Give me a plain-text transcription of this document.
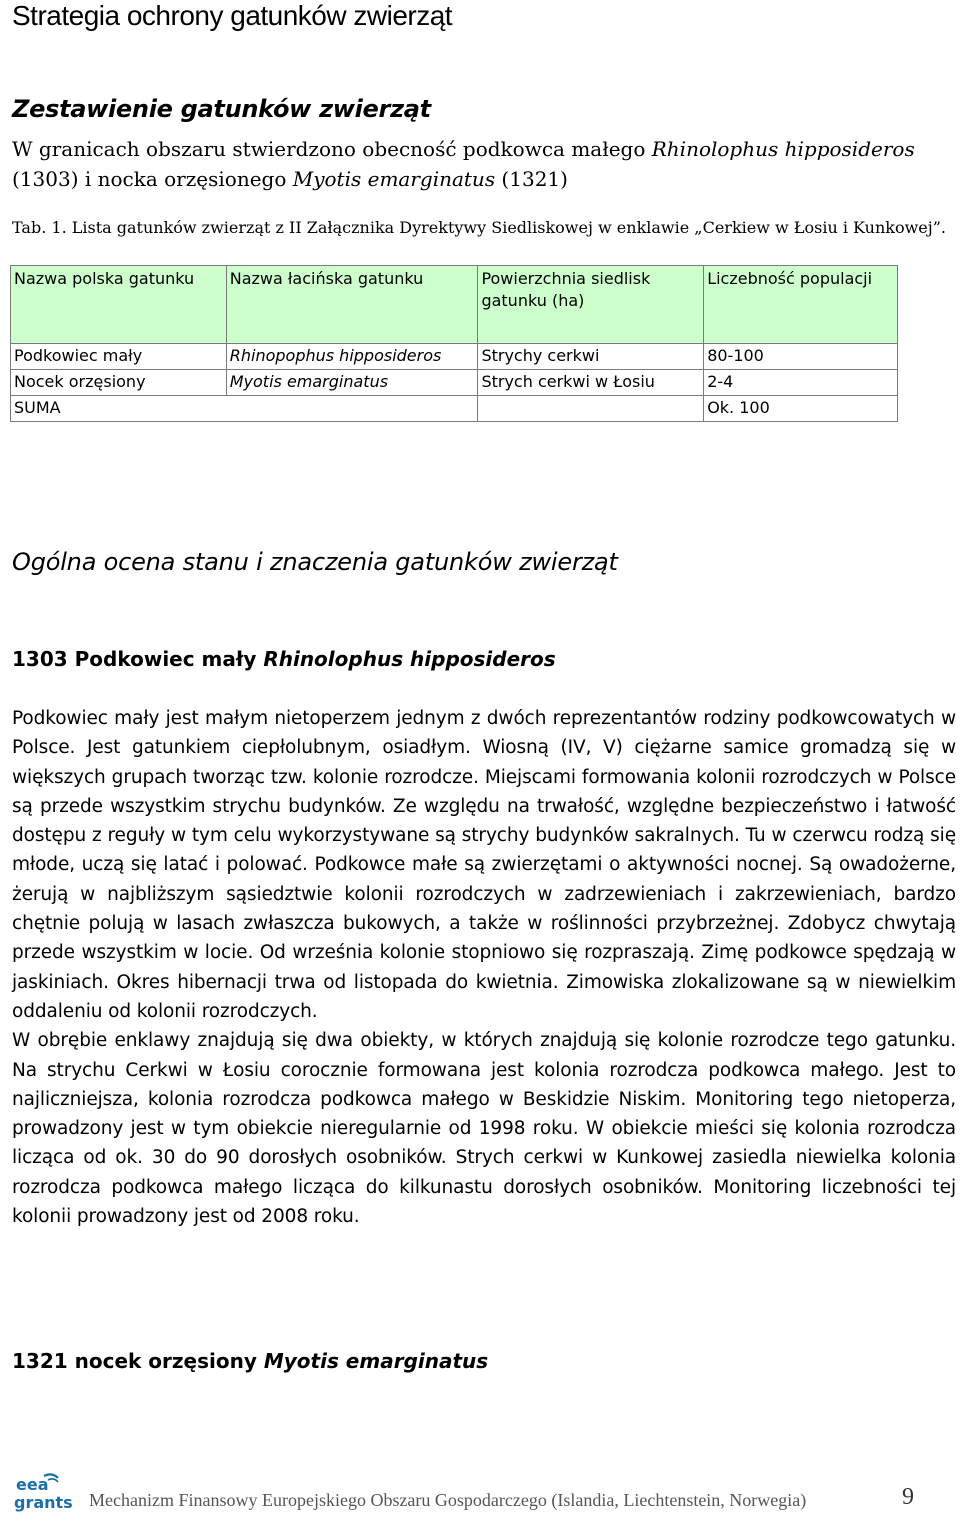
Strategia ochrony gatunków zwierząt
Zestawienie gatunków zwierząt
W granicach obszaru stwierdzono obecność podkowca małego Rhinolophus hipposideros (1303) i nocka orzęsionego Myotis emarginatus (1321)
Tab. 1. Lista gatunków zwierząt z II Załącznika Dyrektywy Siedliskowej w enklawie „Cerkiew w Łosiu i Kunkowej”.
Nazwa polska gatunku	Nazwa łacińska gatunku	Powierzchnia siedlisk gatunku (ha)	Liczebność populacji
Podkowiec mały	Rhinopophus hipposideros	Strychy cerkwi	80-100
Nocek orzęsiony	Myotis emarginatus	Strych cerkwi w Łosiu	2-4
SUMA			Ok. 100
Ogólna ocena stanu i znaczenia gatunków zwierząt
1303 Podkowiec mały Rhinolophus hipposideros

Podkowiec mały jest małym nietoperzem jednym z dwóch reprezentantów rodziny podkowcowatych w Polsce. Jest gatunkiem ciepłolubnym, osiadłym. Wiosną (IV, V) ciężarne samice gromadzą się w większych grupach tworząc tzw. kolonie rozrodcze. Miejscami formowania kolonii rozrodczych w Polsce są przede wszystkim strychu budynków. Ze względu na trwałość, względne bezpieczeństwo i łatwość dostępu z reguły w tym celu wykorzystywane są strychy budynków sakralnych. Tu w czerwcu rodzą się młode, uczą się latać i polować. Podkowce małe są zwierzętami o aktywności nocnej. Są owadożerne, żerują w najbliższym sąsiedztwie kolonii rozrodczych w zadrzewieniach i zakrzewieniach, bardzo chętnie polują w lasach zwłaszcza bukowych, a także w roślinności przybrzeżnej. Zdobycz chwytają przede wszystkim w locie. Od września kolonie stopniowo się rozpraszają. Zimę podkowce spędzają w jaskiniach. Okres hibernacji trwa od listopada do kwietnia. Zimowiska zlokalizowane są w niewielkim oddaleniu od kolonii rozrodczych.

W obrębie enklawy znajdują się dwa obiekty, w których znajdują się kolonie rozrodcze tego gatunku. Na strychu Cerkwi w Łosiu corocznie formowana jest kolonia rozrodcza podkowca małego. Jest to najliczniejsza, kolonia rozrodcza podkowca małego w Beskidzie Niskim. Monitoring tego nietoperza, prowadzony jest w tym obiekcie nieregularnie od 1998 roku. W obiekcie mieści się kolonia rozrodcza licząca od ok. 30 do 90 dorosłych osobników. Strych cerkwi w Kunkowej zasiedla niewielka kolonia rozrodcza podkowca małego licząca do kilkunastu dorosłych osobników. Monitoring liczebności tej kolonii prowadzony jest od 2008 roku.

1321 nocek orzęsiony Myotis emarginatus
eea
grants Mechanizm Finansowy Europejskiego Obszaru Gospodarczego (Islandia, Liechtenstein, Norwegia)	9
